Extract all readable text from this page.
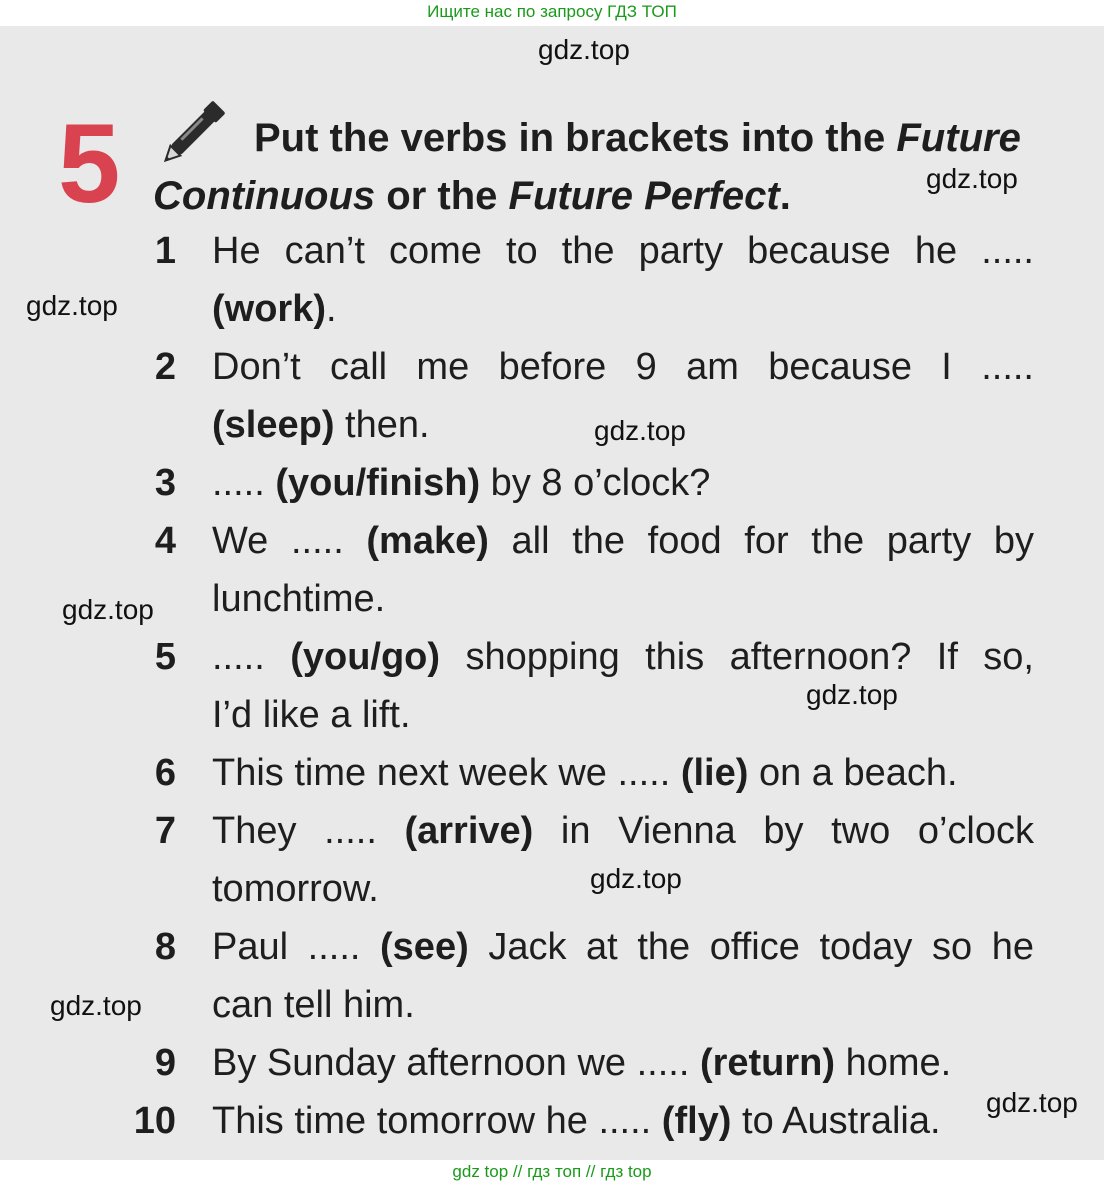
Ищите нас по запросу ГДЗ ТОП
5	Put the verbs in brackets into the Future
Continuous or the Future Perfect.
1 He can’t come to the party because he .....
(work).
2 Don’t call me before 9 am because I .....
(sleep) then.
3 ..... (you/finish) by 8 o’clock?
4 We ..... (make) all the food for the party by
lunchtime.
5 ..... (you/go) shopping this afternoon? If so,
I’d like a lift.
6 This time next week we ..... (lie) on a beach.
7 They ..... (arrive) in Vienna by two o’clock
tomorrow.
8 Paul ..... (see) Jack at the office today so he
can tell him.
9 By Sunday afternoon we ..... (return) home.
10 This time tomorrow he ..... (fly) to Australia.
gdz.top
gdz.top
gdz.top
gdz.top
gdz.top
gdz.top
gdz.top
gdz.top
gdz.top
gdz top // гдз топ // гдз top
